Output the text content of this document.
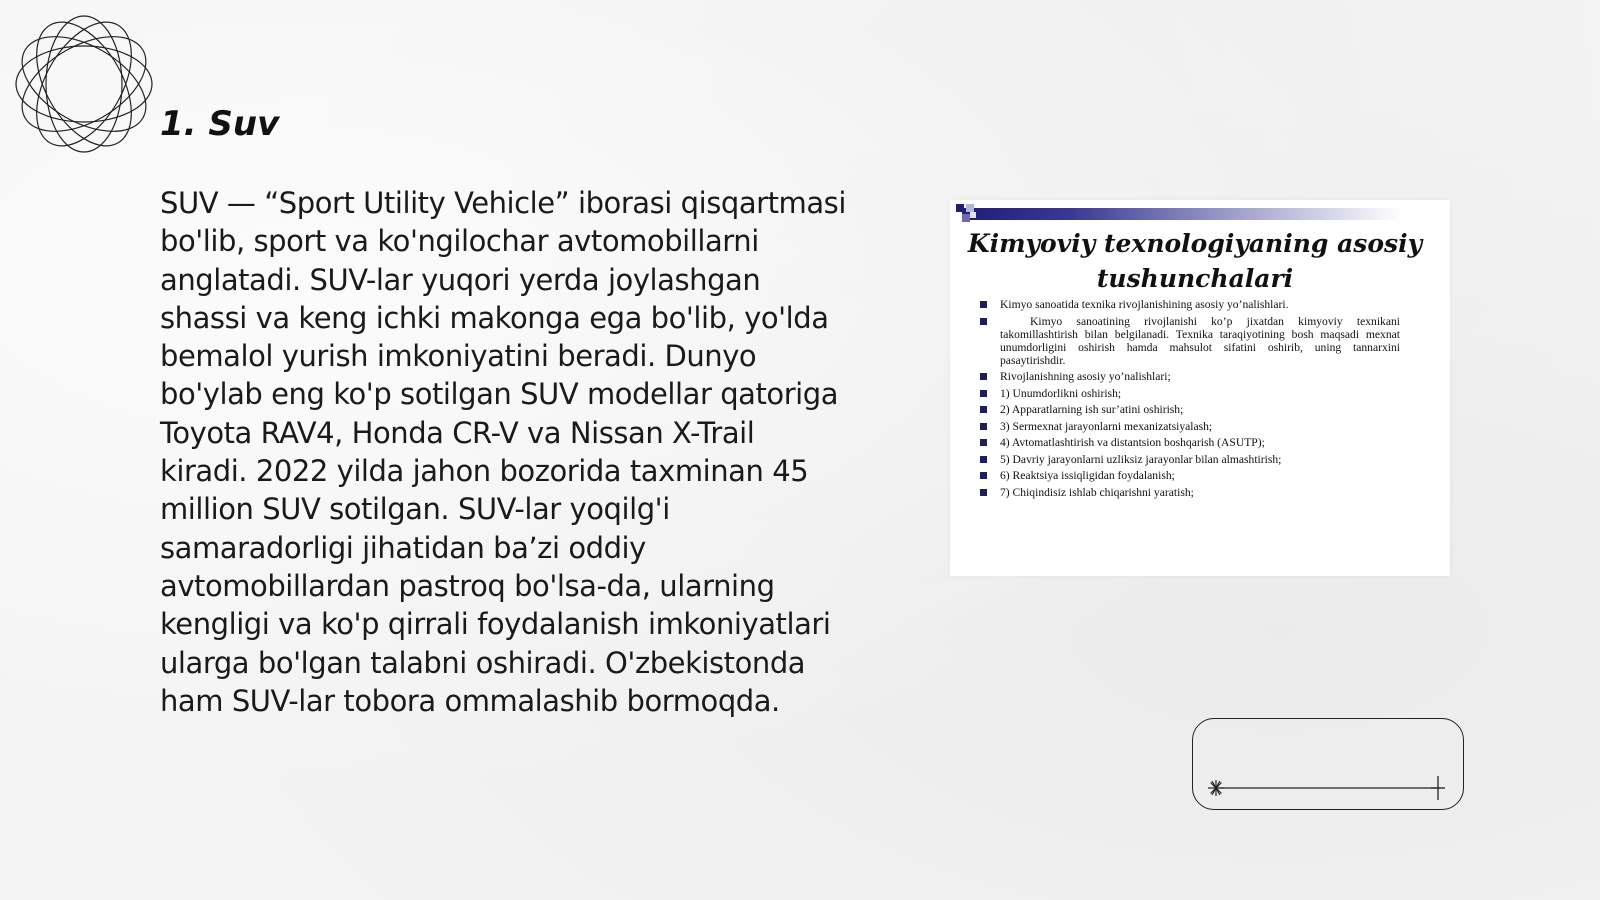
1. Suv

SUV — “Sport Utility Vehicle” iborasi qisqartmasi bo'lib, sport va ko'ngilochar avtomobillarni anglatadi. SUV-lar yuqori yerda joylashgan shassi va keng ichki makonga ega bo'lib, yo'lda bemalol yurish imkoniyatini beradi. Dunyo bo'ylab eng ko'p sotilgan SUV modellar qatoriga Toyota RAV4, Honda CR-V va Nissan X-Trail kiradi. 2022 yilda jahon bozorida taxminan 45 million SUV sotilgan. SUV-lar yoqilg'i samaradorligi jihatidan ba’zi oddiy avtomobillardan pastroq bo'lsa-da, ularning kengligi va ko'p qirrali foydalanish imkoniyatlari ularga bo'lgan talabni oshiradi. O'zbekistonda ham SUV-lar tobora ommalashib bormoqda.

Kimyoviy texnologiyaning asosiy tushunchalari
Kimyo sanoatida texnika rivojlanishining asosiy yo’nalishlari.
Kimyo sanoatining rivojlanishi ko’p jixatdan kimyoviy texnikani takomillashtirish bilan belgilanadi. Texnika taraqiyotining bosh maqsadi mexnat unumdorligini oshirish hamda mahsulot sifatini oshirib, uning tannarxini pasaytirishdir.
Rivojlanishning asosiy yo’nalishlari;
1) Unumdorlikni oshirish;
2) Apparatlarning ish sur’atini oshirish;
3) Sermexnat jarayonlarni mexanizatsiyalash;
4) Avtomatlashtirish va distantsion boshqarish (ASUTP);
5) Davriy jarayonlarni uzliksiz jarayonlar bilan almashtirish;
6) Reaktsiya issiqligidan foydalanish;
7) Chiqindisiz ishlab chiqarishni yaratish;
